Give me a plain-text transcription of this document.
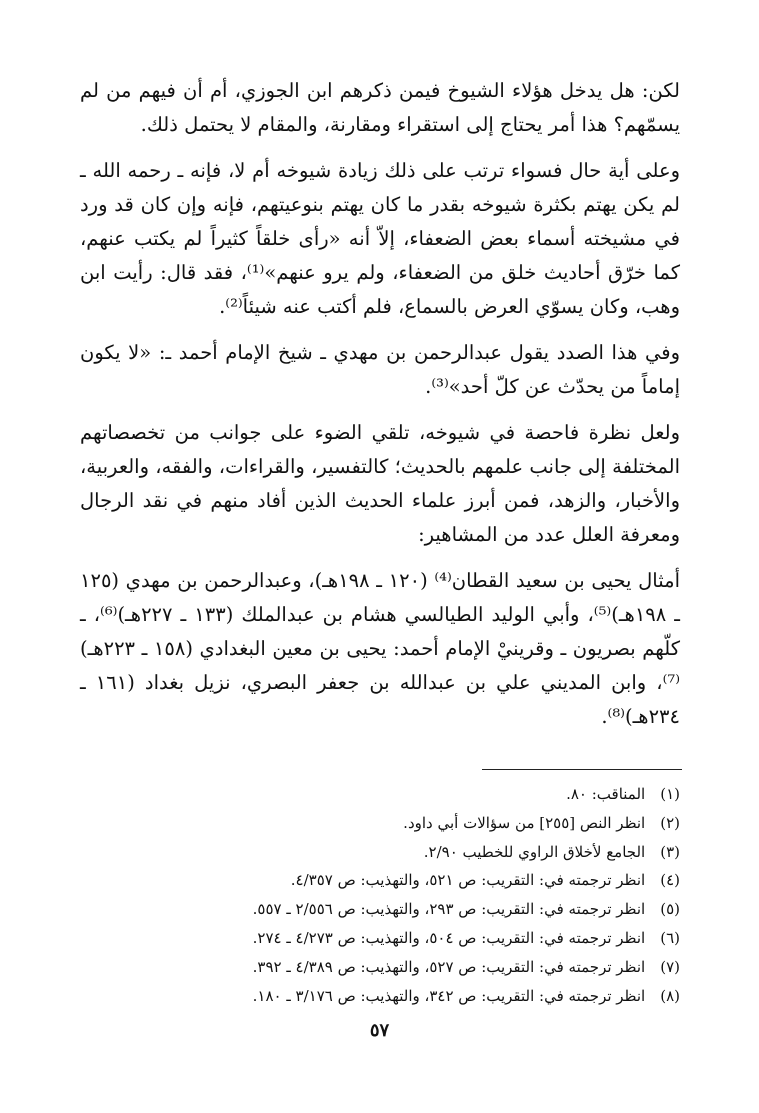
لكن: هل يدخل هؤلاء الشيوخ فيمن ذكرهم ابن الجوزي، أم أن فيهم من لم يسمّهم؟ هذا أمر يحتاج إلى استقراء ومقارنة، والمقام لا يحتمل ذلك.

وعلى أية حال فسواء ترتب على ذلك زيادة شيوخه أم لا، فإنه ـ رحمه الله ـ لم يكن يهتم بكثرة شيوخه بقدر ما كان يهتم بنوعيتهم، فإنه وإن كان قد ورد في مشيخته أسماء بعض الضعفاء، إلاّ أنه «رأى خلقاً كثيراً لم يكتب عنهم، كما خرّق أحاديث خلق من الضعفاء، ولم يرو عنهم»⁽¹⁾، فقد قال: رأيت ابن وهب، وكان يسوّي العرض بالسماع، فلم أكتب عنه شيئاً⁽²⁾.

وفي هذا الصدد يقول عبدالرحمن بن مهدي ـ شيخ الإمام أحمد ـ: «لا يكون إماماً من يحدّث عن كلّ أحد»⁽³⁾.

ولعل نظرة فاحصة في شيوخه، تلقي الضوء على جوانب من تخصصاتهم المختلفة إلى جانب علمهم بالحديث؛ كالتفسير، والقراءات، والفقه، والعربية، والأخبار، والزهد، فمن أبرز علماء الحديث الذين أفاد منهم في نقد الرجال ومعرفة العلل عدد من المشاهير:

أمثال يحيى بن سعيد القطان⁽⁴⁾ (١٢٠ ـ ١٩٨هـ)، وعبدالرحمن بن مهدي (١٢٥ ـ ١٩٨هـ)⁽⁵⁾، وأبي الوليد الطيالسي هشام بن عبدالملك (١٣٣ ـ ٢٢٧هـ)⁽⁶⁾، ـ كلّهم بصريون ـ وقرينيْ الإمام أحمد: يحيى بن معين البغدادي (١٥٨ ـ ٢٢٣هـ)⁽⁷⁾، وابن المديني علي بن عبدالله بن جعفر البصري، نزيل بغداد (١٦١ ـ ٢٣٤هـ)⁽⁸⁾.

(١) المناقب: ٨٠.
(٢) انظر النص [٢٥٥] من سؤالات أبي داود.
(٣) الجامع لأخلاق الراوي للخطيب ٢/٩٠.
(٤) انظر ترجمته في: التقريب: ص ٥٢١، والتهذيب: ص ٤/٣٥٧.
(٥) انظر ترجمته في: التقريب: ص ٢٩٣، والتهذيب: ص ٢/٥٥٦ ـ ٥٥٧.
(٦) انظر ترجمته في: التقريب: ص ٥٠٤، والتهذيب: ص ٤/٢٧٣ ـ ٢٧٤.
(٧) انظر ترجمته في: التقريب: ص ٥٢٧، والتهذيب: ص ٤/٣٨٩ ـ ٣٩٢.
(٨) انظر ترجمته في: التقريب: ص ٣٤٢، والتهذيب: ص ٣/١٧٦ ـ ١٨٠.
٥٧
